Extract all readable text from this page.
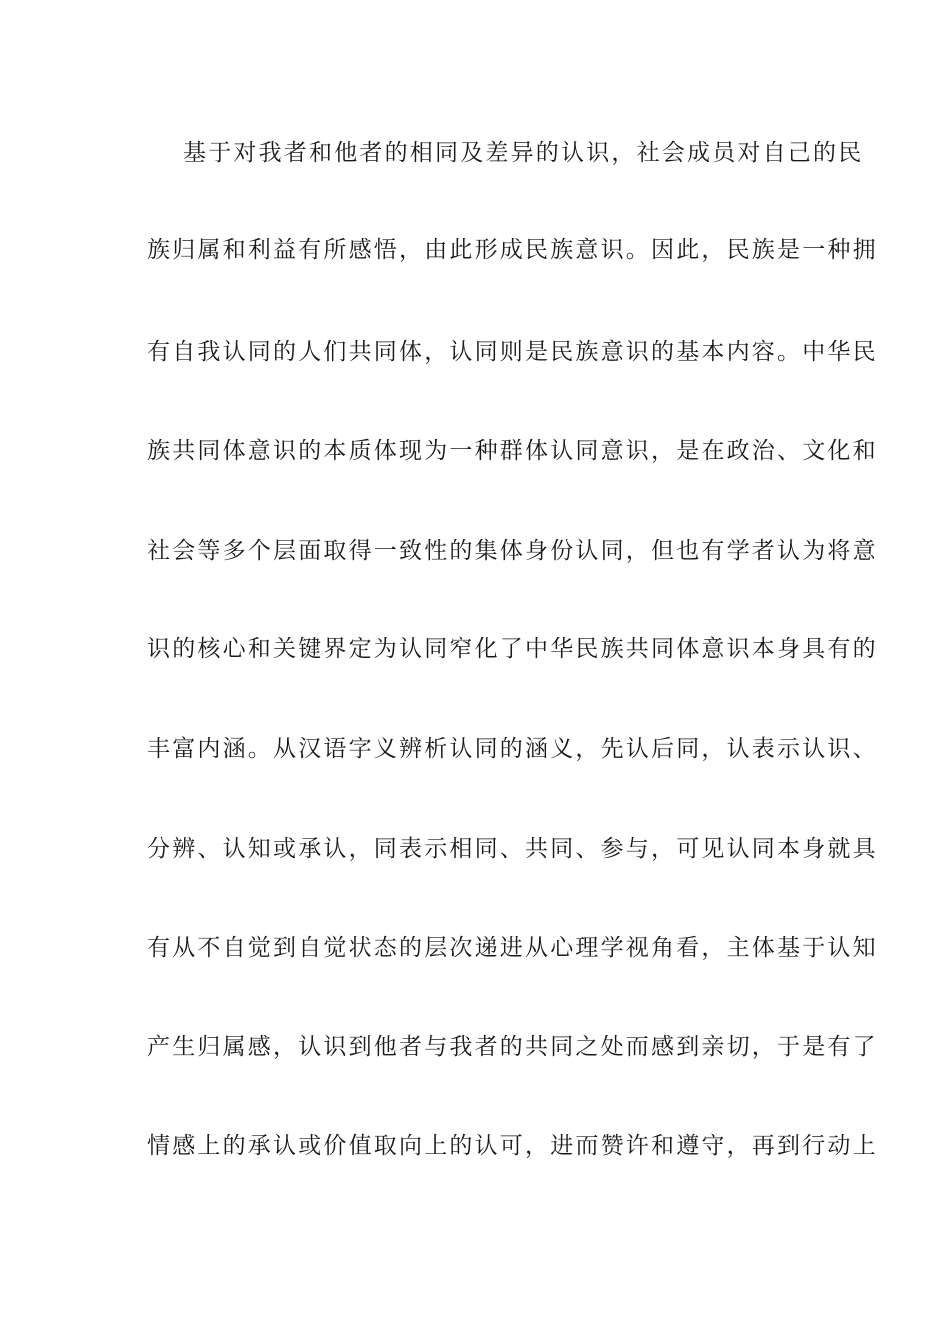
基于对我者和他者的相同及差异的认识，社会成员对自己的民
族归属和利益有所感悟，由此形成民族意识。因此，民族是一种拥
有自我认同的人们共同体，认同则是民族意识的基本内容。中华民
族共同体意识的本质体现为一种群体认同意识，是在政治、文化和
社会等多个层面取得一致性的集体身份认同，但也有学者认为将意
识的核心和关键界定为认同窄化了中华民族共同体意识本身具有的
丰富内涵。从汉语字义辨析认同的涵义，先认后同，认表示认识、
分辨、认知或承认，同表示相同、共同、参与，可见认同本身就具
有从不自觉到自觉状态的层次递进从心理学视角看，主体基于认知
产生归属感，认识到他者与我者的共同之处而感到亲切，于是有了
情感上的承认或价值取向上的认可，进而赞许和遵守，再到行动上
